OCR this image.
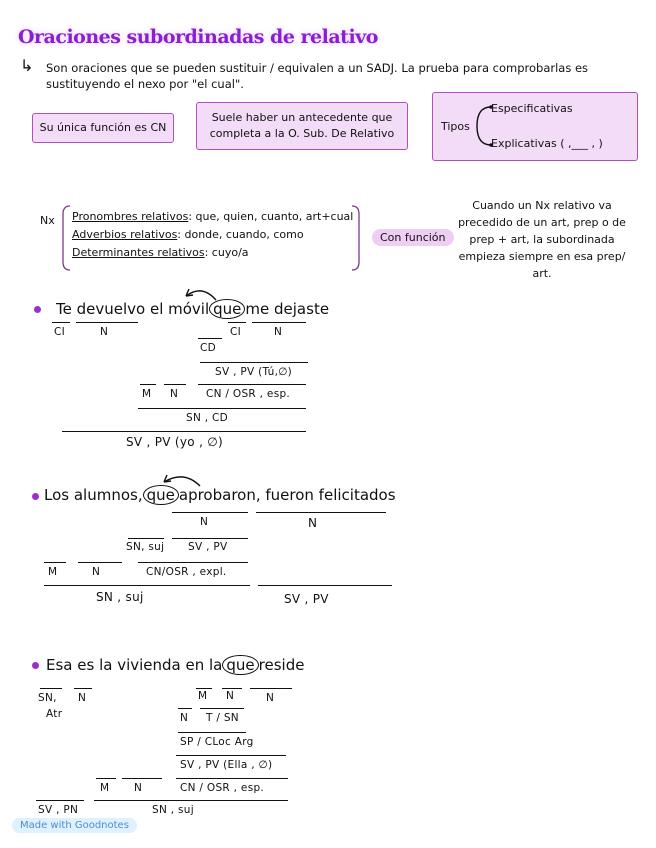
Oraciones subordinadas de relativo
↳ Son oraciones que se pueden sustituir / equivalen a un SADJ. La prueba para comprobarlas es sustituyendo el nexo por "el cual".
Su única función es CN
Suele haber un antecedente que completa a la O. Sub. De Relativo
Tipos
Especificativas
Explicativas ( ,___ , )
Nx Pronombres relativos: que, quien, cuanto, art+cual
Adverbios relativos: donde, cuando, como
Determinantes relativos: cuyo/a
Con función
Cuando un Nx relativo va precedido de un art, prep o de prep + art, la subordinada empieza siempre en esa prep/ art.
Te devuelvo el móvil que me dejaste
CI	N
CD
CI	N
SV , PV (Tú,∅)
M N	CN / OSR , esp.
SN , CD
SV , PV (yo , ∅)
Los alumnos, que aprobaron, fueron felicitados
N	N
SN, suj SV , PV
M	N	CN/OSR , expl.
SN , suj	SV , PV
Esa es la vivienda en la que reside
SN,
Atr
N	M N	N
N T / SN
SP / CLoc Arg
SV , PV (Ella , ∅)
M N	CN / OSR , esp.
SV , PN	SN , suj
Made with Goodnotes
